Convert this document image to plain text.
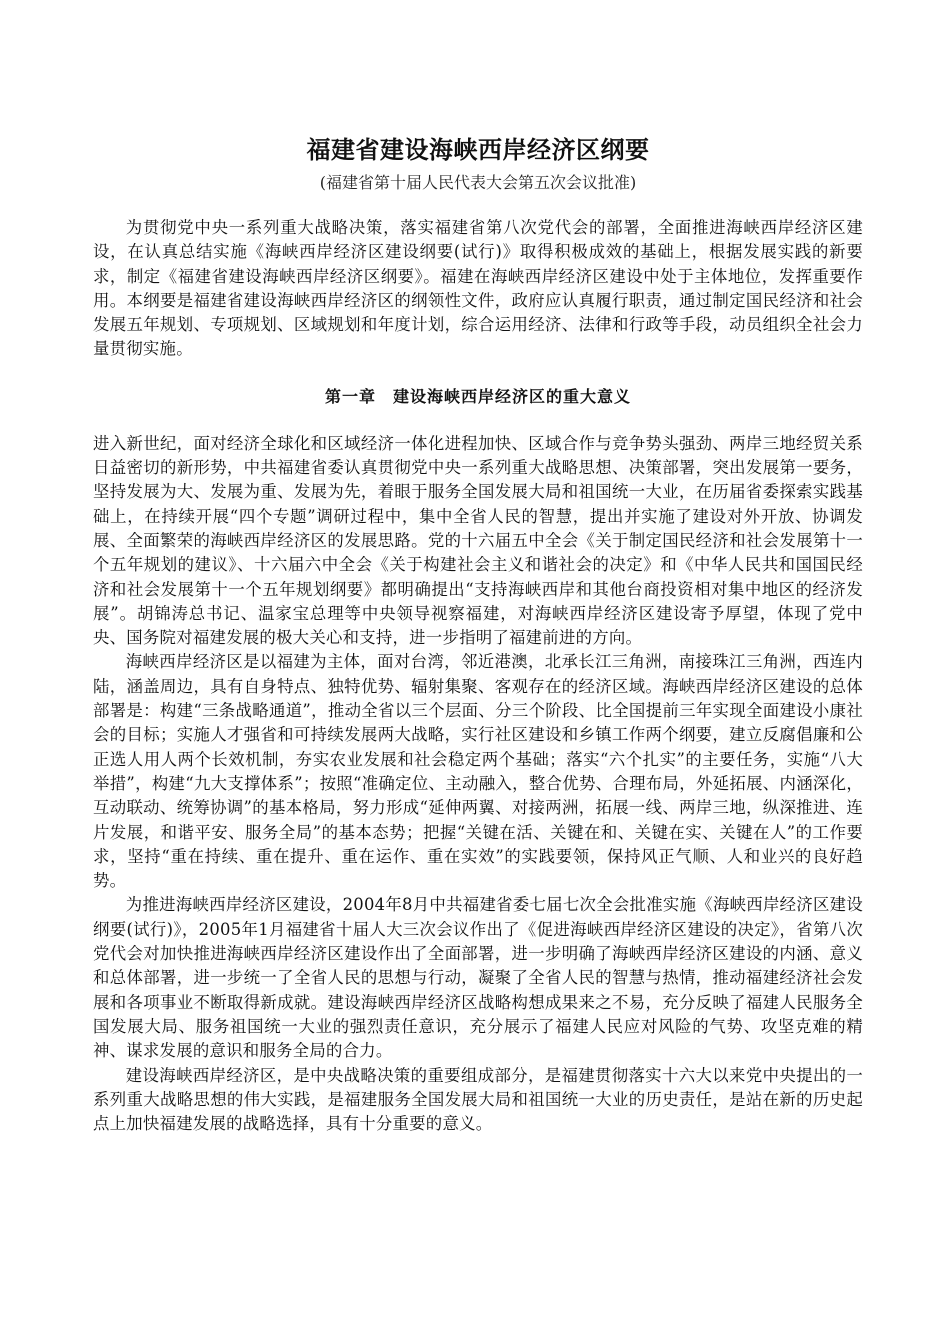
福建省建设海峡西岸经济区纲要

(福建省第十届人民代表大会第五次会议批准)

为贯彻党中央一系列重大战略决策，落实福建省第八次党代会的部署，全面推进海峡西岸经济区建设，在认真总结实施《海峡西岸经济区建设纲要(试行)》取得积极成效的基础上，根据发展实践的新要求，制定《福建省建设海峡西岸经济区纲要》。福建在海峡西岸经济区建设中处于主体地位，发挥重要作用。本纲要是福建省建设海峡西岸经济区的纲领性文件，政府应认真履行职责，通过制定国民经济和社会发展五年规划、专项规划、区域规划和年度计划，综合运用经济、法律和行政等手段，动员组织全社会力量贯彻实施。

第一章　建设海峡西岸经济区的重大意义

进入新世纪，面对经济全球化和区域经济一体化进程加快、区域合作与竞争势头强劲、两岸三地经贸关系日益密切的新形势，中共福建省委认真贯彻党中央一系列重大战略思想、决策部署，突出发展第一要务，坚持发展为大、发展为重、发展为先，着眼于服务全国发展大局和祖国统一大业，在历届省委探索实践基础上，在持续开展“四个专题”调研过程中，集中全省人民的智慧，提出并实施了建设对外开放、协调发展、全面繁荣的海峡西岸经济区的发展思路。党的十六届五中全会《关于制定国民经济和社会发展第十一个五年规划的建议》、十六届六中全会《关于构建社会主义和谐社会的决定》和《中华人民共和国国民经济和社会发展第十一个五年规划纲要》都明确提出“支持海峡西岸和其他台商投资相对集中地区的经济发展”。胡锦涛总书记、温家宝总理等中央领导视察福建，对海峡西岸经济区建设寄予厚望，体现了党中央、国务院对福建发展的极大关心和支持，进一步指明了福建前进的方向。

海峡西岸经济区是以福建为主体，面对台湾，邻近港澳，北承长江三角洲，南接珠江三角洲，西连内陆，涵盖周边，具有自身特点、独特优势、辐射集聚、客观存在的经济区域。海峡西岸经济区建设的总体部署是：构建“三条战略通道”，推动全省以三个层面、分三个阶段、比全国提前三年实现全面建设小康社会的目标；实施人才强省和可持续发展两大战略，实行社区建设和乡镇工作两个纲要，建立反腐倡廉和公正选人用人两个长效机制，夯实农业发展和社会稳定两个基础；落实“六个扎实”的主要任务，实施“八大举措”，构建“九大支撑体系”；按照“准确定位、主动融入，整合优势、合理布局，外延拓展、内涵深化，互动联动、统筹协调”的基本格局，努力形成“延伸两翼、对接两洲，拓展一线、两岸三地，纵深推进、连片发展，和谐平安、服务全局”的基本态势；把握“关键在活、关键在和、关键在实、关键在人”的工作要求，坚持“重在持续、重在提升、重在运作、重在实效”的实践要领，保持风正气顺、人和业兴的良好趋势。

为推进海峡西岸经济区建设，2004年8月中共福建省委七届七次全会批准实施《海峡西岸经济区建设纲要(试行)》，2005年1月福建省十届人大三次会议作出了《促进海峡西岸经济区建设的决定》，省第八次党代会对加快推进海峡西岸经济区建设作出了全面部署，进一步明确了海峡西岸经济区建设的内涵、意义和总体部署，进一步统一了全省人民的思想与行动，凝聚了全省人民的智慧与热情，推动福建经济社会发展和各项事业不断取得新成就。建设海峡西岸经济区战略构想成果来之不易，充分反映了福建人民服务全国发展大局、服务祖国统一大业的强烈责任意识，充分展示了福建人民应对风险的气势、攻坚克难的精神、谋求发展的意识和服务全局的合力。

建设海峡西岸经济区，是中央战略决策的重要组成部分，是福建贯彻落实十六大以来党中央提出的一系列重大战略思想的伟大实践，是福建服务全国发展大局和祖国统一大业的历史责任，是站在新的历史起点上加快福建发展的战略选择，具有十分重要的意义。
